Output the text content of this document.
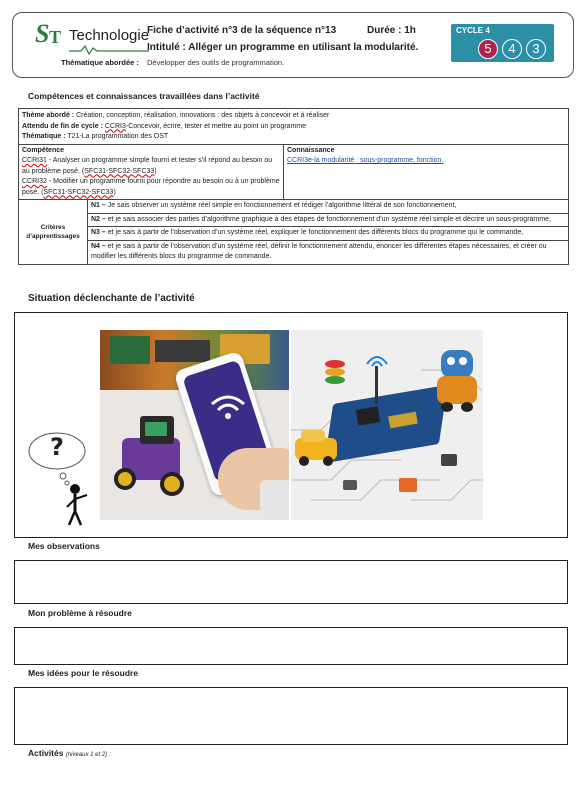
S T Technologie
Thématique abordée :
Fiche d’activité n°3 de la séquence n°13	Durée : 1h
Intitulé : Alléger un programme en utilisant la modularité.
Développer des outils de programmation.
CYCLE 4
5	4	3
Compétences et connaissances travaillées dans l’activité
Thème abordé : Création, conception, réalisation, innovations : des objets à concevoir et à réaliser
Attendu de fin de cycle : CCRI3-Concevoir, écrire, tester et mettre au point un programme
Thématique : T21-La programmation des OST
Compétence
CCRI31 - Analyser un programme simple fourni et tester s’il répond au besoin ou au problème posé. (SFC31-SFC32-SFC33)
CCRI32 - Modifier un programme fourni pour répondre au besoin ou à un problème posé. (SFC31-SFC32-SFC33)
Connaissance
CCRI3e-la modularité : sous-programme, fonction.
Critères d’apprentissages
N1 – Je sais observer un système réel simple en fonctionnement et rédiger l’algorithme littéral de son fonctionnement,
N2 – et je sais associer des parties d’algorithme graphique à des étapes de fonctionnement d’un système réel simple et décrire un sous-programme,
N3 – et je sais à partir de l’observation d’un système réel, expliquer le fonctionnement des différents blocs du programme qui le commande,
N4 – et je sais à partir de l’observation d’un système réel, définir le fonctionnement attendu, énoncer les différentes étapes nécessaires, et créer ou modifier les différents blocs du programme de commande.
Situation déclenchante de l’activité
?
Mes observations
Mon problème à résoudre
Mes idées pour le résoudre
Activités (niveaux 1 et 2) :
